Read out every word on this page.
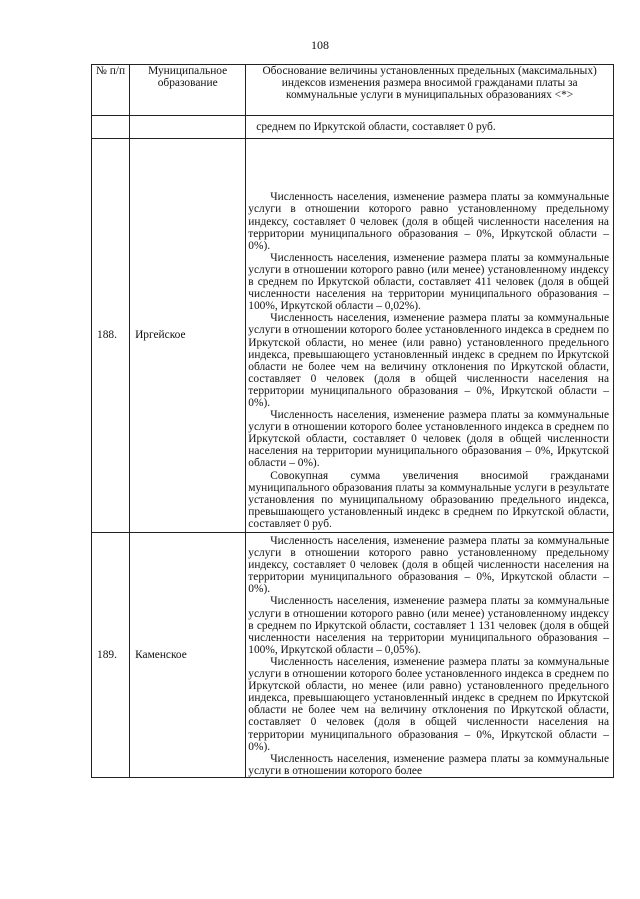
108
№ п/п	Муниципальное образование	Обоснование величины установленных предельных (максимальных) индексов изменения размера вносимой гражданами платы за коммунальные услуги в муниципальных образованиях <*>

		среднем по Иркутской области, составляет 0 руб.

188.	Иргейское	Численность населения, изменение размера платы за коммунальные услуги в отношении которого равно установленному предельному индексу, составляет 0 человек (доля в общей численности населения на территории муниципального образования – 0%, Иркутской области – 0%).

Численность населения, изменение размера платы за коммунальные услуги в отношении которого равно (или менее) установленному индексу в среднем по Иркутской области, составляет 411 человек (доля в общей численности населения на территории муниципального образования – 100%, Иркутской области – 0,02%).

Численность населения, изменение размера платы за коммунальные услуги в отношении которого более установленного индекса в среднем по Иркутской области, но менее (или равно) установленного предельного индекса, превышающего установленный индекс в среднем по Иркутской области не более чем на величину отклонения по Иркутской области, составляет 0 человек (доля в общей численности населения на территории муниципального образования – 0%, Иркутской области – 0%).

Численность населения, изменение размера платы за коммунальные услуги в отношении которого более установленного индекса в среднем по Иркутской области, составляет 0 человек (доля в общей численности населения на территории муниципального образования – 0%, Иркутской области – 0%).

Совокупная сумма увеличения вносимой гражданами муниципального образования платы за коммунальные услуги в результате установления по муниципальному образованию предельного индекса, превышающего установленный индекс в среднем по Иркутской области, составляет 0 руб.

189.	Каменское	Численность населения, изменение размера платы за коммунальные услуги в отношении которого равно установленному предельному индексу, составляет 0 человек (доля в общей численности населения на территории муниципального образования – 0%, Иркутской области – 0%).

Численность населения, изменение размера платы за коммунальные услуги в отношении которого равно (или менее) установленному индексу в среднем по Иркутской области, составляет 1 131 человек (доля в общей численности населения на территории муниципального образования – 100%, Иркутской области – 0,05%).

Численность населения, изменение размера платы за коммунальные услуги в отношении которого более установленного индекса в среднем по Иркутской области, но менее (или равно) установленного предельного индекса, превышающего установленный индекс в среднем по Иркутской области не более чем на величину отклонения по Иркутской области, составляет 0 человек (доля в общей численности населения на территории муниципального образования – 0%, Иркутской области – 0%).

Численность населения, изменение размера платы за коммунальные услуги в отношении которого более
